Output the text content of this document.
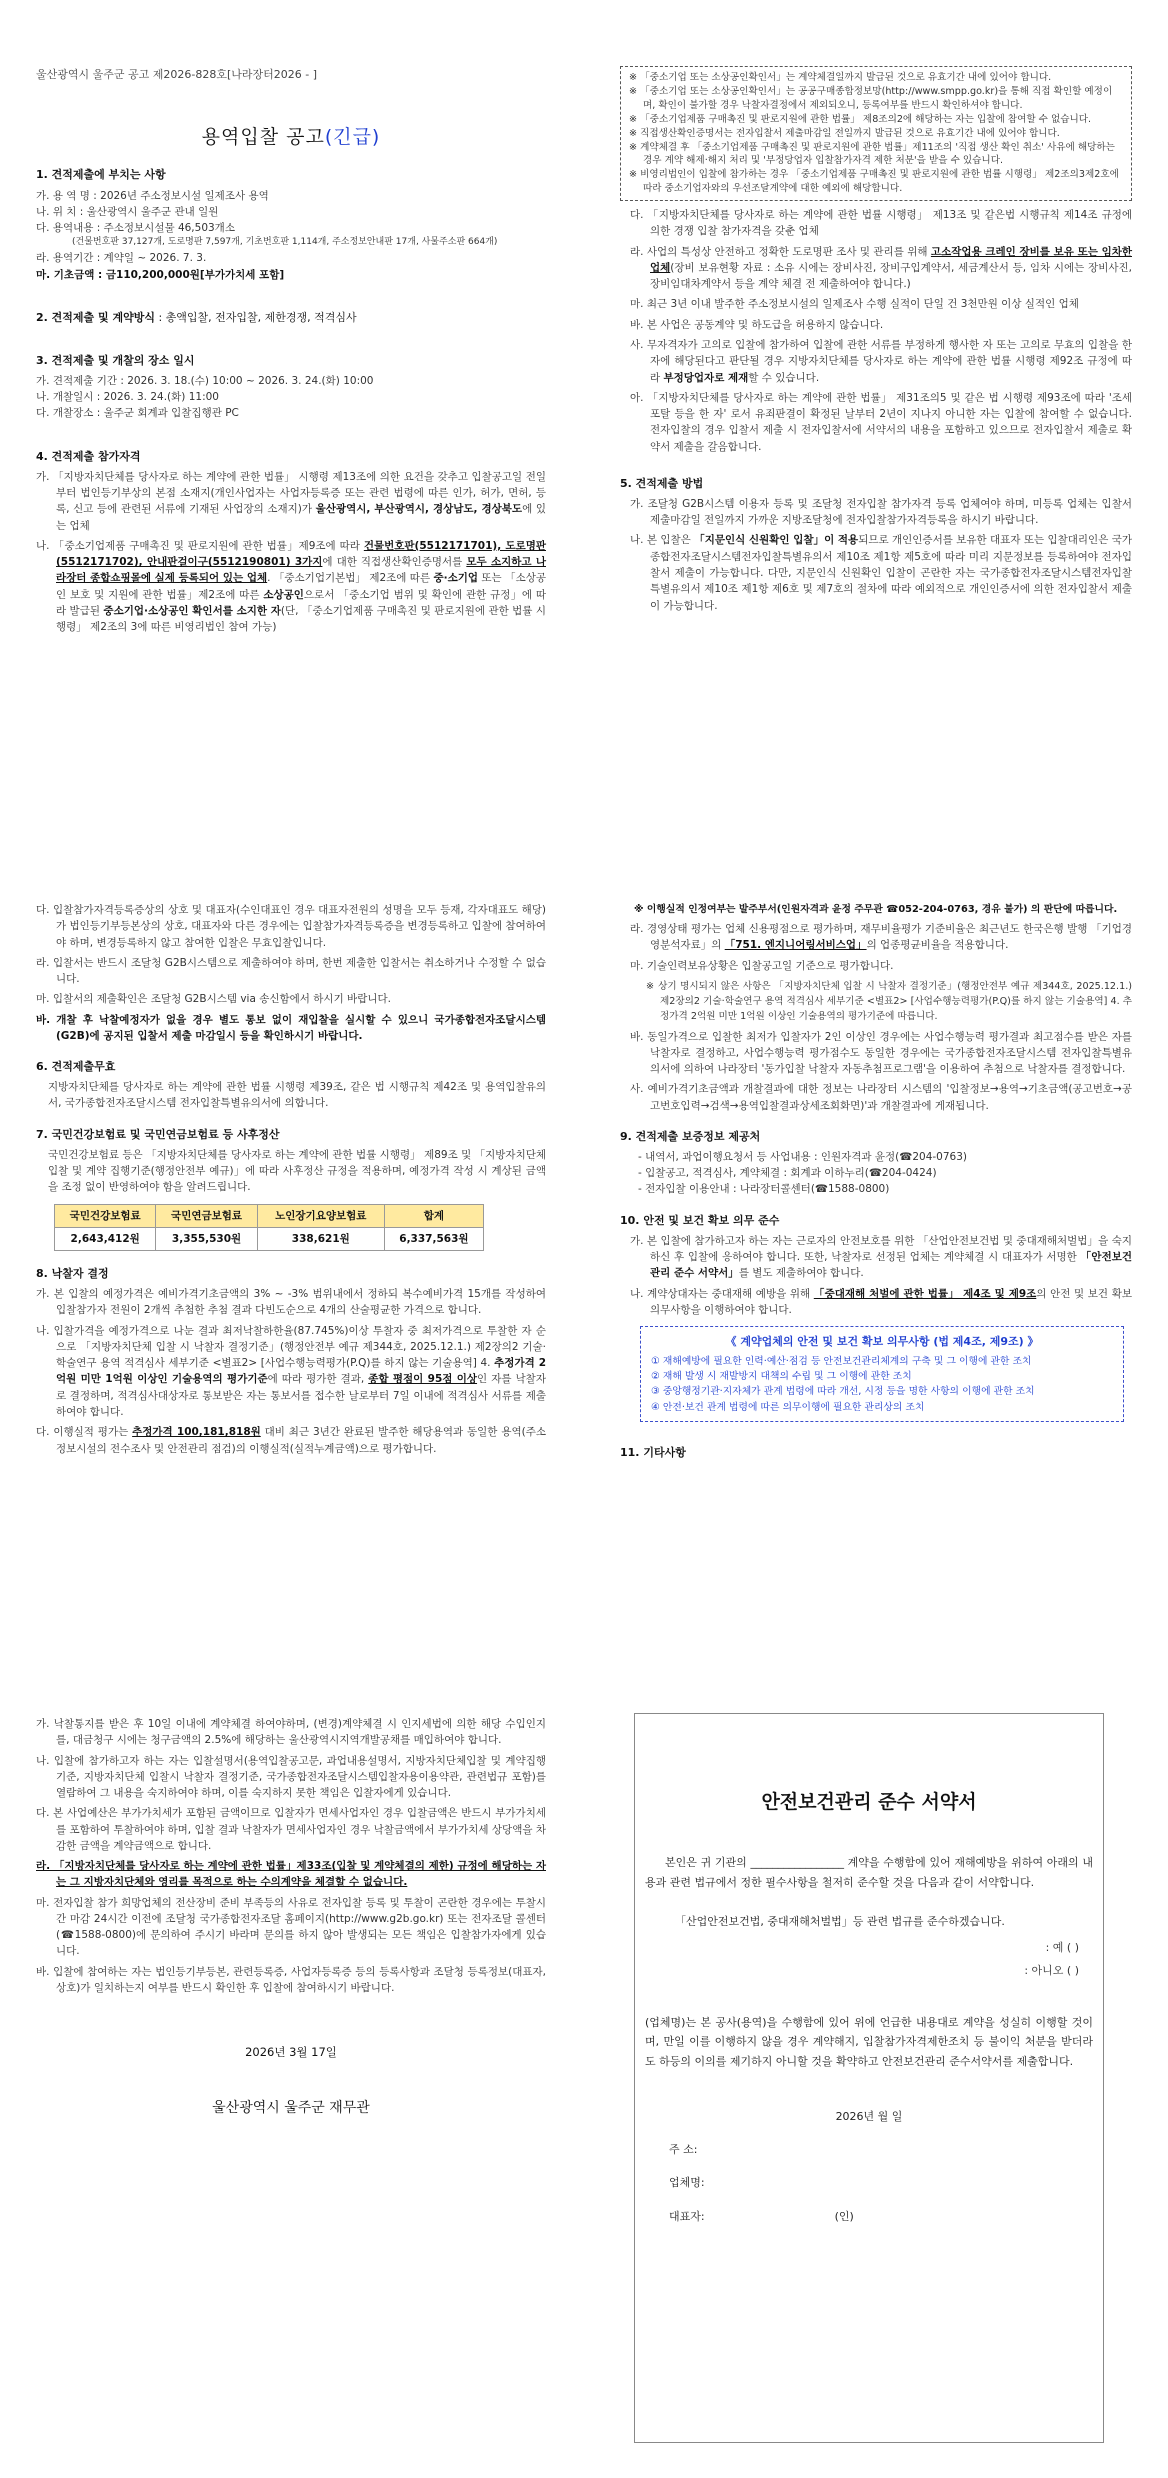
울산광역시 울주군 공고 제2026-828호[나라장터2026 - ]

용역입찰 공고(긴급)

1. 견적제출에 부치는 사항

가. 용 역 명 : 2026년 주소정보시설 일제조사 용역

나. 위 치 : 울산광역시 울주군 관내 일원

다. 용역내용 : 주소정보시설물 46,503개소

(건물번호판 37,127개, 도로명판 7,597개, 기초번호판 1,114개, 주소정보안내판 17개, 사물주소판 664개)

라. 용역기간 : 계약일 ~ 2026. 7. 3.

마. 기초금액 : 금110,200,000원[부가가치세 포함]

2. 견적제출 및 계약방식 : 총액입찰, 전자입찰, 제한경쟁, 적격심사

3. 견적제출 및 개찰의 장소 일시

가. 견적제출 기간 : 2026. 3. 18.(수) 10:00 ~ 2026. 3. 24.(화) 10:00

나. 개찰일시 : 2026. 3. 24.(화) 11:00

다. 개찰장소 : 울주군 회계과 입찰집행관 PC

4. 견적제출 참가자격

가. 「지방자치단체를 당사자로 하는 계약에 관한 법률」 시행령 제13조에 의한 요건을 갖추고 입찰공고일 전일부터 법인등기부상의 본점 소재지(개인사업자는 사업자등록증 또는 관련 법령에 따른 인가, 허가, 면허, 등록, 신고 등에 관련된 서류에 기재된 사업장의 소재지)가 울산광역시, 부산광역시, 경상남도, 경상북도에 있는 업체

나. 「중소기업제품 구매촉진 및 판로지원에 관한 법률」제9조에 따라 건물번호판(5512171701), 도로명판(5512171702), 안내판걸이구(5512190801) 3가지에 대한 직접생산확인증명서를 모두 소지하고 나라장터 종합쇼핑몰에 실제 등록되어 있는 업체. 「중소기업기본법」 제2조에 따른 중·소기업 또는 「소상공인 보호 및 지원에 관한 법률」제2조에 따른 소상공인으로서 「중소기업 범위 및 확인에 관한 규정」에 따라 발급된 중소기업·소상공인 확인서를 소지한 자(단, 「중소기업제품 구매촉진 및 판로지원에 관한 법률 시행령」 제2조의 3에 따른 비영리법인 참여 가능)

※ 「중소기업 또는 소상공인확인서」는 계약체결일까지 발급된 것으로 유효기간 내에 있어야 합니다.

※ 「중소기업 또는 소상공인확인서」는 공공구매종합정보망(http://www.smpp.go.kr)을 통해 직접 확인할 예정이며, 확인이 불가할 경우 낙찰자결정에서 제외되오니, 등록여부를 반드시 확인하셔야 합니다.

※ 「중소기업제품 구매촉진 및 판로지원에 관한 법률」 제8조의2에 해당하는 자는 입찰에 참여할 수 없습니다.

※ 직접생산확인증명서는 전자입찰서 제출마감일 전일까지 발급된 것으로 유효기간 내에 있어야 합니다.

※ 계약체결 후 「중소기업제품 구매촉진 및 판로지원에 관한 법률」제11조의 '직접 생산 확인 취소' 사유에 해당하는 경우 계약 해제·해지 처리 및 '부정당업자 입찰참가자격 제한 처분'을 받을 수 있습니다.

※ 비영리법인이 입찰에 참가하는 경우 「중소기업제품 구매촉진 및 판로지원에 관한 법률 시행령」 제2조의3제2호에 따라 중소기업자와의 우선조달계약에 대한 예외에 해당합니다.

다. 「지방자치단체를 당사자로 하는 계약에 관한 법률 시행령」 제13조 및 같은법 시행규칙 제14조 규정에 의한 경쟁 입찰 참가자격을 갖춘 업체

라. 사업의 특성상 안전하고 정확한 도로명판 조사 및 관리를 위해 고소작업용 크레인 장비를 보유 또는 임차한 업체(장비 보유현황 자료 : 소유 시에는 장비사진, 장비구입계약서, 세금계산서 등, 임차 시에는 장비사진, 장비임대차계약서 등을 계약 체결 전 제출하여야 합니다.)

마. 최근 3년 이내 발주한 주소정보시설의 일제조사 수행 실적이 단일 건 3천만원 이상 실적인 업체

바. 본 사업은 공동계약 및 하도급을 허용하지 않습니다.

사. 무자격자가 고의로 입찰에 참가하여 입찰에 관한 서류를 부정하게 행사한 자 또는 고의로 무효의 입찰을 한 자에 해당된다고 판단될 경우 지방자치단체를 당사자로 하는 계약에 관한 법률 시행령 제92조 규정에 따라 부정당업자로 제재할 수 있습니다.

아. 「지방자치단체를 당사자로 하는 계약에 관한 법률」 제31조의5 및 같은 법 시행령 제93조에 따라 '조세포탈 등을 한 자' 로서 유죄판결이 확정된 날부터 2년이 지나지 아니한 자는 입찰에 참여할 수 없습니다. 전자입찰의 경우 입찰서 제출 시 전자입찰서에 서약서의 내용을 포함하고 있으므로 전자입찰서 제출로 확약서 제출을 갈음합니다.

5. 견적제출 방법

가. 조달청 G2B시스템 이용자 등록 및 조달청 전자입찰 참가자격 등록 업체여야 하며, 미등록 업체는 입찰서 제출마감일 전일까지 가까운 지방조달청에 전자입찰참가자격등록을 하시기 바랍니다.

나. 본 입찰은 「지문인식 신원확인 입찰」이 적용되므로 개인인증서를 보유한 대표자 또는 입찰대리인은 국가종합전자조달시스템전자입찰특별유의서 제10조 제1항 제5호에 따라 미리 지문정보를 등록하여야 전자입찰서 제출이 가능합니다. 다만, 지문인식 신원확인 입찰이 곤란한 자는 국가종합전자조달시스템전자입찰특별유의서 제10조 제1항 제6호 및 제7호의 절차에 따라 예외적으로 개인인증서에 의한 전자입찰서 제출이 가능합니다.

다. 입찰참가자격등록증상의 상호 및 대표자(수인대표인 경우 대표자전원의 성명을 모두 등재, 각자대표도 해당)가 법인등기부등본상의 상호, 대표자와 다른 경우에는 입찰참가자격등록증을 변경등록하고 입찰에 참여하여야 하며, 변경등록하지 않고 참여한 입찰은 무효입찰입니다.

라. 입찰서는 반드시 조달청 G2B시스템으로 제출하여야 하며, 한번 제출한 입찰서는 취소하거나 수정할 수 없습니다.

마. 입찰서의 제출확인은 조달청 G2B시스템 via 송신함에서 하시기 바랍니다.

바. 개찰 후 낙찰예정자가 없을 경우 별도 통보 없이 재입찰을 실시할 수 있으니 국가종합전자조달시스템(G2B)에 공지된 입찰서 제출 마감일시 등을 확인하시기 바랍니다.

6. 견적제출무효

지방자치단체를 당사자로 하는 계약에 관한 법률 시행령 제39조, 같은 법 시행규칙 제42조 및 용역입찰유의서, 국가종합전자조달시스템 전자입찰특별유의서에 의합니다.

7. 국민건강보험료 및 국민연금보험료 등 사후정산

국민건강보험료 등은 「지방자치단체를 당사자로 하는 계약에 관한 법률 시행령」 제89조 및 「지방자치단체 입찰 및 계약 집행기준(행정안전부 예규)」에 따라 사후정산 규정을 적용하며, 예정가격 작성 시 계상된 금액을 조정 없이 반영하여야 함을 알려드립니다.

국민건강보험료	국민연금보험료	노인장기요양보험료	합계
2,643,412원	3,355,530원	338,621원	6,337,563원

8. 낙찰자 결정

가. 본 입찰의 예정가격은 예비가격기초금액의 3% ~ -3% 범위내에서 정하되 복수예비가격 15개를 작성하여 입찰참가자 전원이 2개씩 추첨한 추첨 결과 다빈도순으로 4개의 산술평균한 가격으로 합니다.

나. 입찰가격을 예정가격으로 나눈 결과 최저낙찰하한율(87.745%)이상 투찰자 중 최저가격으로 투찰한 자 순으로 「지방자치단체 입찰 시 낙찰자 결정기준」(행정안전부 예규 제344호, 2025.12.1.) 제2장의2 기술·학술연구 용역 적격심사 세부기준 <별표2> [사업수행능력평가(P.Q)를 하지 않는 기술용역] 4. 추정가격 2억원 미만 1억원 이상인 기술용역의 평가기준에 따라 평가한 결과, 종합 평점이 95점 이상인 자를 낙찰자로 결정하며, 적격심사대상자로 통보받은 자는 통보서를 접수한 날로부터 7일 이내에 적격심사 서류를 제출하여야 합니다.

다. 이행실적 평가는 추정가격 100,181,818원 대비 최근 3년간 완료된 발주한 해당용역과 동일한 용역(주소정보시설의 전수조사 및 안전관리 점검)의 이행실적(실적누계금액)으로 평가합니다.

※ 이행실적 인정여부는 발주부서(인원자격과 윤정 주무관 ☎052-204-0763, 경유 불가) 의 판단에 따릅니다.

라. 경영상태 평가는 업체 신용평점으로 평가하며, 재무비율평가 기준비율은 최근년도 한국은행 발행 「기업경영분석자료」의 「751. 엔지니어링서비스업」의 업종평균비율을 적용합니다.

마. 기술인력보유상황은 입찰공고일 기준으로 평가합니다.

※ 상기 명시되지 않은 사항은 「지방자치단체 입찰 시 낙찰자 결정기준」(행정안전부 예규 제344호, 2025.12.1.) 제2장의2 기술·학술연구 용역 적격심사 세부기준 <별표2> [사업수행능력평가(P.Q)를 하지 않는 기술용역] 4. 추정가격 2억원 미만 1억원 이상인 기술용역의 평가기준에 따릅니다.

바. 동일가격으로 입찰한 최저가 입찰자가 2인 이상인 경우에는 사업수행능력 평가결과 최고점수를 받은 자를 낙찰자로 결정하고, 사업수행능력 평가점수도 동일한 경우에는 국가종합전자조달시스템 전자입찰특별유의서에 의하여 나라장터 '동가입찰 낙찰자 자동추첨프로그램'을 이용하여 추첨으로 낙찰자를 결정합니다.

사. 예비가격기초금액과 개찰결과에 대한 정보는 나라장터 시스템의 '입찰정보→용역→기초금액(공고번호→공고번호입력→검색→용역입찰결과상세조회화면)'과 개찰결과에 게재됩니다.

9. 견적제출 보증정보 제공처

- 내역서, 과업이행요청서 등 사업내용 : 인원자격과 윤정(☎204-0763)

- 입찰공고, 적격심사, 계약체결 : 회계과 이하누리(☎204-0424)

- 전자입찰 이용안내 : 나라장터콜센터(☎1588-0800)

10. 안전 및 보건 확보 의무 준수

가. 본 입찰에 참가하고자 하는 자는 근로자의 안전보호를 위한 「산업안전보건법 및 중대재해처벌법」을 숙지하신 후 입찰에 응하여야 합니다. 또한, 낙찰자로 선정된 업체는 계약체결 시 대표자가 서명한 「안전보건관리 준수 서약서」를 별도 제출하여야 합니다.

나. 계약상대자는 중대재해 예방을 위해 「중대재해 처벌에 관한 법률」 제4조 및 제9조의 안전 및 보건 확보 의무사항을 이행하여야 합니다.

《 계약업체의 안전 및 보건 확보 의무사항 (법 제4조, 제9조) 》

① 재해예방에 필요한 인력·예산·점검 등 안전보건관리체계의 구축 및 그 이행에 관한 조치

② 재해 발생 시 재발방지 대책의 수립 및 그 이행에 관한 조치

③ 중앙행정기관·지자체가 관계 법령에 따라 개선, 시정 등을 명한 사항의 이행에 관한 조치

④ 안전·보건 관계 법령에 따른 의무이행에 필요한 관리상의 조치

11. 기타사항

가. 낙찰통지를 받은 후 10일 이내에 계약체결 하여야하며, (변경)계약체결 시 인지세법에 의한 해당 수입인지를, 대금청구 시에는 청구금액의 2.5%에 해당하는 울산광역시지역개발공채를 매입하여야 합니다.

나. 입찰에 참가하고자 하는 자는 입찰설명서(용역입찰공고문, 과업내용설명서, 지방자치단체입찰 및 계약집행기준, 지방자치단체 입찰시 낙찰자 결정기준, 국가종합전자조달시스템입찰자용이용약관, 관련법규 포함)를 열람하여 그 내용을 숙지하여야 하며, 이를 숙지하지 못한 책임은 입찰자에게 있습니다.

다. 본 사업예산은 부가가치세가 포함된 금액이므로 입찰자가 면세사업자인 경우 입찰금액은 반드시 부가가치세를 포함하여 투찰하여야 하며, 입찰 결과 낙찰자가 면세사업자인 경우 낙찰금액에서 부가가치세 상당액을 차감한 금액을 계약금액으로 합니다.

라. 「지방자치단체를 당사자로 하는 계약에 관한 법률」제33조(입찰 및 계약체결의 제한) 규정에 해당하는 자는 그 지방자치단체와 영리를 목적으로 하는 수의계약을 체결할 수 없습니다.

마. 전자입찰 참가 희망업체의 전산장비 준비 부족등의 사유로 전자입찰 등록 및 투찰이 곤란한 경우에는 투찰시간 마감 24시간 이전에 조달청 국가종합전자조달 홈페이지(http://www.g2b.go.kr) 또는 전자조달 콜센터(☎1588-0800)에 문의하여 주시기 바라며 문의를 하지 않아 발생되는 모든 책임은 입찰참가자에게 있습니다.

바. 입찰에 참여하는 자는 법인등기부등본, 관련등록증, 사업자등록증 등의 등록사항과 조달청 등록정보(대표자, 상호)가 일치하는지 여부를 반드시 확인한 후 입찰에 참여하시기 바랍니다.

2026년 3월 17일

울산광역시 울주군 재무관

안전보건관리 준수 서약서

본인은 귀 기관의 _________________ 계약을 수행함에 있어 재해예방을 위하여 아래의 내용과 관련 법규에서 정한 필수사항을 철저히 준수할 것을 다음과 같이 서약합니다.

「산업안전보건법, 중대재해처벌법」등 관련 법규를 준수하겠습니다.

: 예 ( )
: 아니오 ( )

(업체명)는 본 공사(용역)을 수행함에 있어 위에 언급한 내용대로 계약을 성실히 이행할 것이며, 만일 이를 이행하지 않을 경우 계약해지, 입찰참가자격제한조치 등 불이익 처분을 받더라도 하등의 이의를 제기하지 아니할 것을 확약하고 안전보건관리 준수서약서를 제출합니다.

2026년 월 일

주 소:

업체명:

대표자:	(인)
